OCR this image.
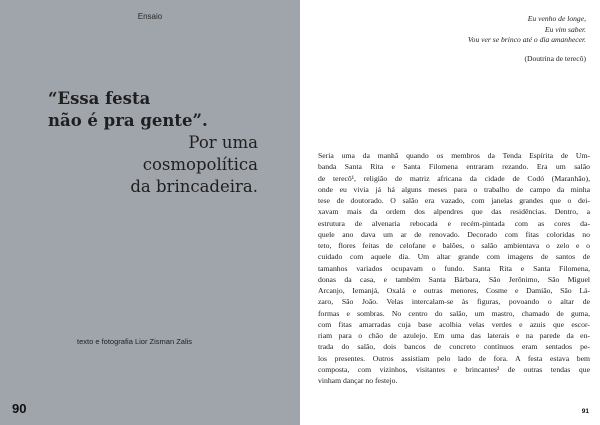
Ensaio
“Essa festa
não é pra gente”.
Por uma
cosmopolítica
da brincadeira.
texto e fotografia Lior Zisman Zalis
90
Eu venho de longe,
Eu vim saber.
Vou ver se brinco até o dia amanhecer.
(Doutrina de terecô)
Seria uma da manhã quando os membros da Tenda Espírita de Um-
banda Santa Rita e Santa Filomena entraram rezando. Era um salão
de terecô¹, religião de matriz africana da cidade de Codó (Maranhão),
onde eu vivia já há alguns meses para o trabalho de campo da minha
tese de doutorado. O salão era vazado, com janelas grandes que o dei-
xavam mais da ordem dos alpendres que das residências. Dentro, a
estrutura de alvenaria rebocada e recém-pintada com as cores da-
quele ano dava um ar de renovado. Decorado com fitas coloridas no
teto, flores feitas de celofane e balões, o salão ambientava o zelo e o
cuidado com aquele dia. Um altar grande com imagens de santos de
tamanhos variados ocupavam o fundo. Santa Rita e Santa Filomena,
donas da casa, e também Santa Bárbara, São Jerônimo, São Miguel
Arcanjo, Iemanjá, Oxalá e outras menores, Cosme e Damião, São Lá-
zaro, São João. Velas intercalam-se às figuras, povoando o altar de
formas e sombras. No centro do salão, um mastro, chamado de guma,
com fitas amarradas cuja base acolhia velas verdes e azuis que escor-
riam para o chão de azulejo. Em uma das laterais e na parede da en-
trada do salão, dois bancos de concreto contínuos eram sentados pe-
los presentes. Outros assistiam pelo lado de fora. A festa estava bem
composta, com vizinhos, visitantes e brincantes² de outras tendas que
vinham dançar no festejo.
91
